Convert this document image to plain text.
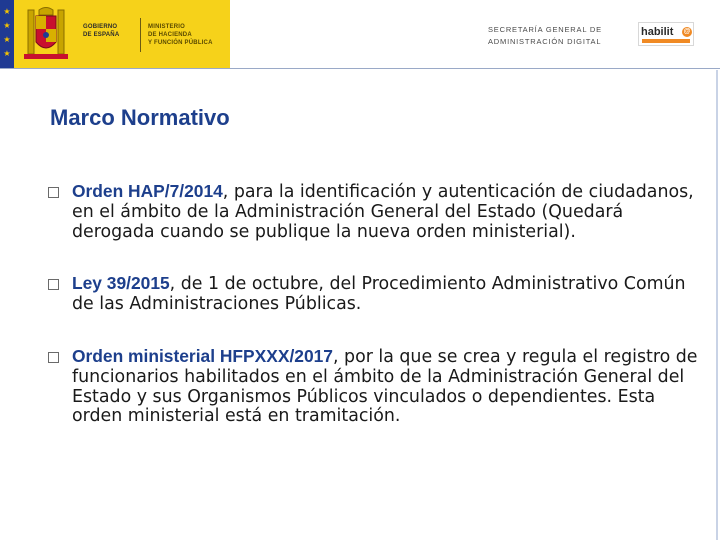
★
★
★
★
GOBIERNO
DE ESPAÑA
MINISTERIO
DE HACIENDA
Y FUNCIÓN PÚBLICA
SECRETARÍA GENERAL DE
ADMINISTRACIÓN DIGITAL
habilit	@
Marco Normativo
Orden HAP/7/2014, para la identificación y autenticación de ciudadanos, en el ámbito de la Administración General del Estado (Quedará derogada cuando se publique la nueva orden ministerial).
Ley 39/2015, de 1 de octubre, del Procedimiento Administrativo Común de las Administraciones Públicas.
Orden ministerial HFPXXX/2017, por la que se crea y regula el registro de funcionarios habilitados en el ámbito de la Administración General del Estado y sus Organismos Públicos vinculados o dependientes. Esta orden ministerial está en tramitación.
